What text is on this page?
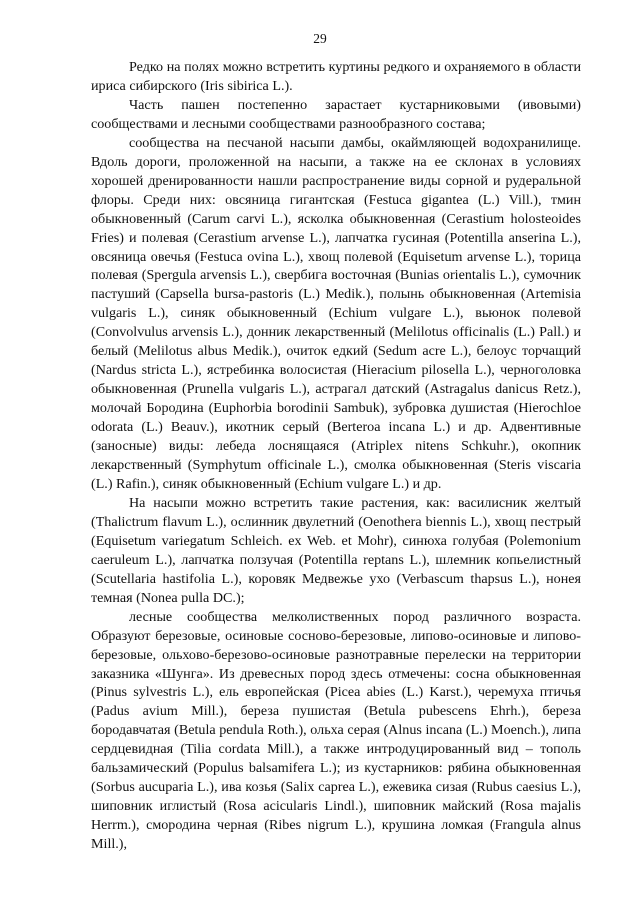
29

Редко на полях можно встретить куртины редкого и охраняемого в области ириса сибирского (Iris sibirica L.).

Часть пашен постепенно зарастает кустарниковыми (ивовыми) сообществами и лесными сообществами разнообразного состава;

сообщества на песчаной насыпи дамбы, окаймляющей водохранилище. Вдоль дороги, проложенной на насыпи, а также на ее склонах в условиях хорошей дренированности нашли распространение виды сорной и рудеральной флоры. Среди них: овсяница гигантская (Festuca gigantea (L.) Vill.), тмин обыкновенный (Carum carvi L.), ясколка обыкновенная (Cerastium holosteoides Fries) и полевая (Cerastium arvense L.), лапчатка гусиная (Potentilla anserina L.), овсяница овечья (Festuca ovina L.), хвощ полевой (Equisetum arvense L.), торица полевая (Spergula arvensis L.), свербига восточная (Bunias orientalis L.), сумочник пастуший (Capsella bursa-pastoris (L.) Medik.), полынь обыкновенная (Artemisia vulgaris L.), синяк обыкновенный (Echium vulgare L.), вьюнок полевой (Convolvulus arvensis L.), донник лекарственный (Melilotus officinalis (L.) Pall.) и белый (Melilotus albus Medik.), очиток едкий (Sedum acre L.), белоус торчащий (Nardus stricta L.), ястребинка волосистая (Hieracium pilosella L.), черноголовка обыкновенная (Prunella vulgaris L.), астрагал датский (Astragalus danicus Retz.), молочай Бородина (Euphorbia borodinii Sambuk), зубровка душистая (Hierochloe odorata (L.) Beauv.), икотник серый (Berteroa incana L.) и др. Адвентивные (заносные) виды: лебеда лоснящаяся (Atriplex nitens Schkuhr.), окопник лекарственный (Symphytum officinale L.), смолка обыкновенная (Steris viscaria (L.) Rafin.), синяк обыкновенный (Echium vulgare L.) и др.

На насыпи можно встретить такие растения, как: василисник желтый (Thalictrum flavum L.), ослинник двулетний (Oenothera biennis L.), хвощ пестрый (Equisetum variegatum Schleich. ex Web. et Mohr), синюха голубая (Polemonium caeruleum L.), лапчатка ползучая (Potentilla reptans L.), шлемник копьелистный (Scutellaria hastifolia L.), коровяк Медвежье ухо (Verbascum thapsus L.), нонея темная (Nonea pulla DC.);

лесные сообщества мелколиственных пород различного возраста. Образуют березовые, осиновые сосново-березовые, липово-осиновые и липово-березовые, ольхово-березово-осиновые разнотравные перелески на территории заказника «Шунга». Из древесных пород здесь отмечены: сосна обыкновенная (Pinus sylvestris L.), ель европейская (Picea abies (L.) Karst.), черемуха птичья (Padus avium Mill.), береза пушистая (Betula pubescens Ehrh.), береза бородавчатая (Betula pendula Roth.), ольха серая (Alnus incana (L.) Moench.), липа сердцевидная (Tilia cordata Mill.), а также интродуцированный вид – тополь бальзамический (Populus balsamifera L.); из кустарников: рябина обыкновенная (Sorbus aucuparia L.), ива козья (Salix caprea L.), ежевика сизая (Rubus caesius L.), шиповник иглистый (Rosa acicularis Lindl.), шиповник майский (Rosa majalis Herrm.), смородина черная (Ribes nigrum L.), крушина ломкая (Frangula alnus Mill.),
